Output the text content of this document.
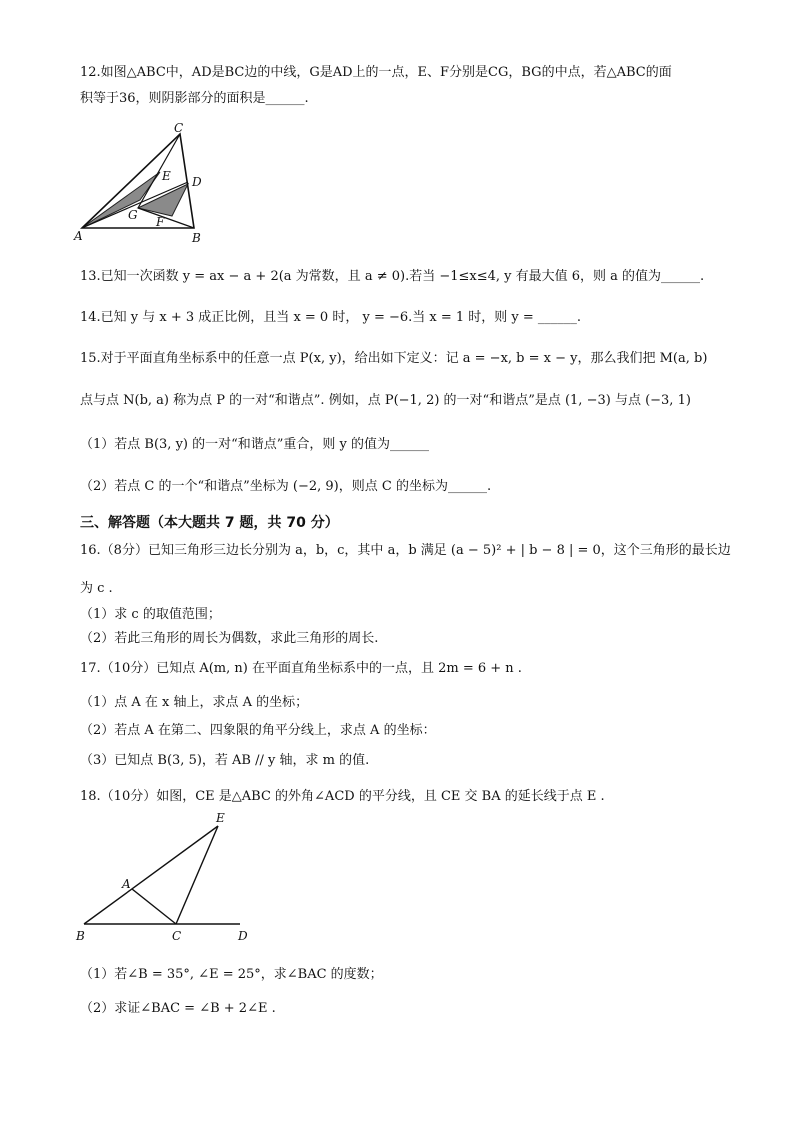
12.如图△ABC中，AD是BC边的中线，G是AD上的一点，E、F分别是CG，BG的中点，若△ABC的面
积等于36，则阴影部分的面积是______.
C
E D
G F
A	B
13.已知一次函数 y = ax − a + 2(a 为常数，且 a ≠ 0).若当 −1≤x≤4, y 有最大值 6，则 a 的值为______.
14.已知 y 与 x + 3 成正比例，且当 x = 0 时， y = −6.当 x = 1 时，则 y = ______.
15.对于平面直角坐标系中的任意一点 P(x, y)，给出如下定义：记 a = −x, b = x − y，那么我们把 M(a, b)
点与点 N(b, a) 称为点 P 的一对“和谐点”. 例如，点 P(−1, 2) 的一对“和谐点”是点 (1, −3) 与点 (−3, 1)
（1）若点 B(3, y) 的一对“和谐点”重合，则 y 的值为______
（2）若点 C 的一个“和谐点”坐标为 (−2, 9)，则点 C 的坐标为______.
三、解答题（本大题共 7 题，共 70 分）
16.（8分）已知三角形三边长分别为 a，b，c，其中 a，b 满足 (a − 5)² + | b − 8 | = 0，这个三角形的最长边
为 c .
（1）求 c 的取值范围；
（2）若此三角形的周长为偶数，求此三角形的周长.
17.（10分）已知点 A(m, n) 在平面直角坐标系中的一点，且 2m = 6 + n .
（1）点 A 在 x 轴上，求点 A 的坐标；
（2）若点 A 在第二、四象限的角平分线上，求点 A 的坐标：
（3）已知点 B(3, 5)，若 AB // y 轴，求 m 的值.
18.（10分）如图，CE 是△ABC 的外角∠ACD 的平分线，且 CE 交 BA 的延长线于点 E .
E
A
B	C	D
（1）若∠B = 35°, ∠E = 25°，求∠BAC 的度数；
（2）求证∠BAC = ∠B + 2∠E .
